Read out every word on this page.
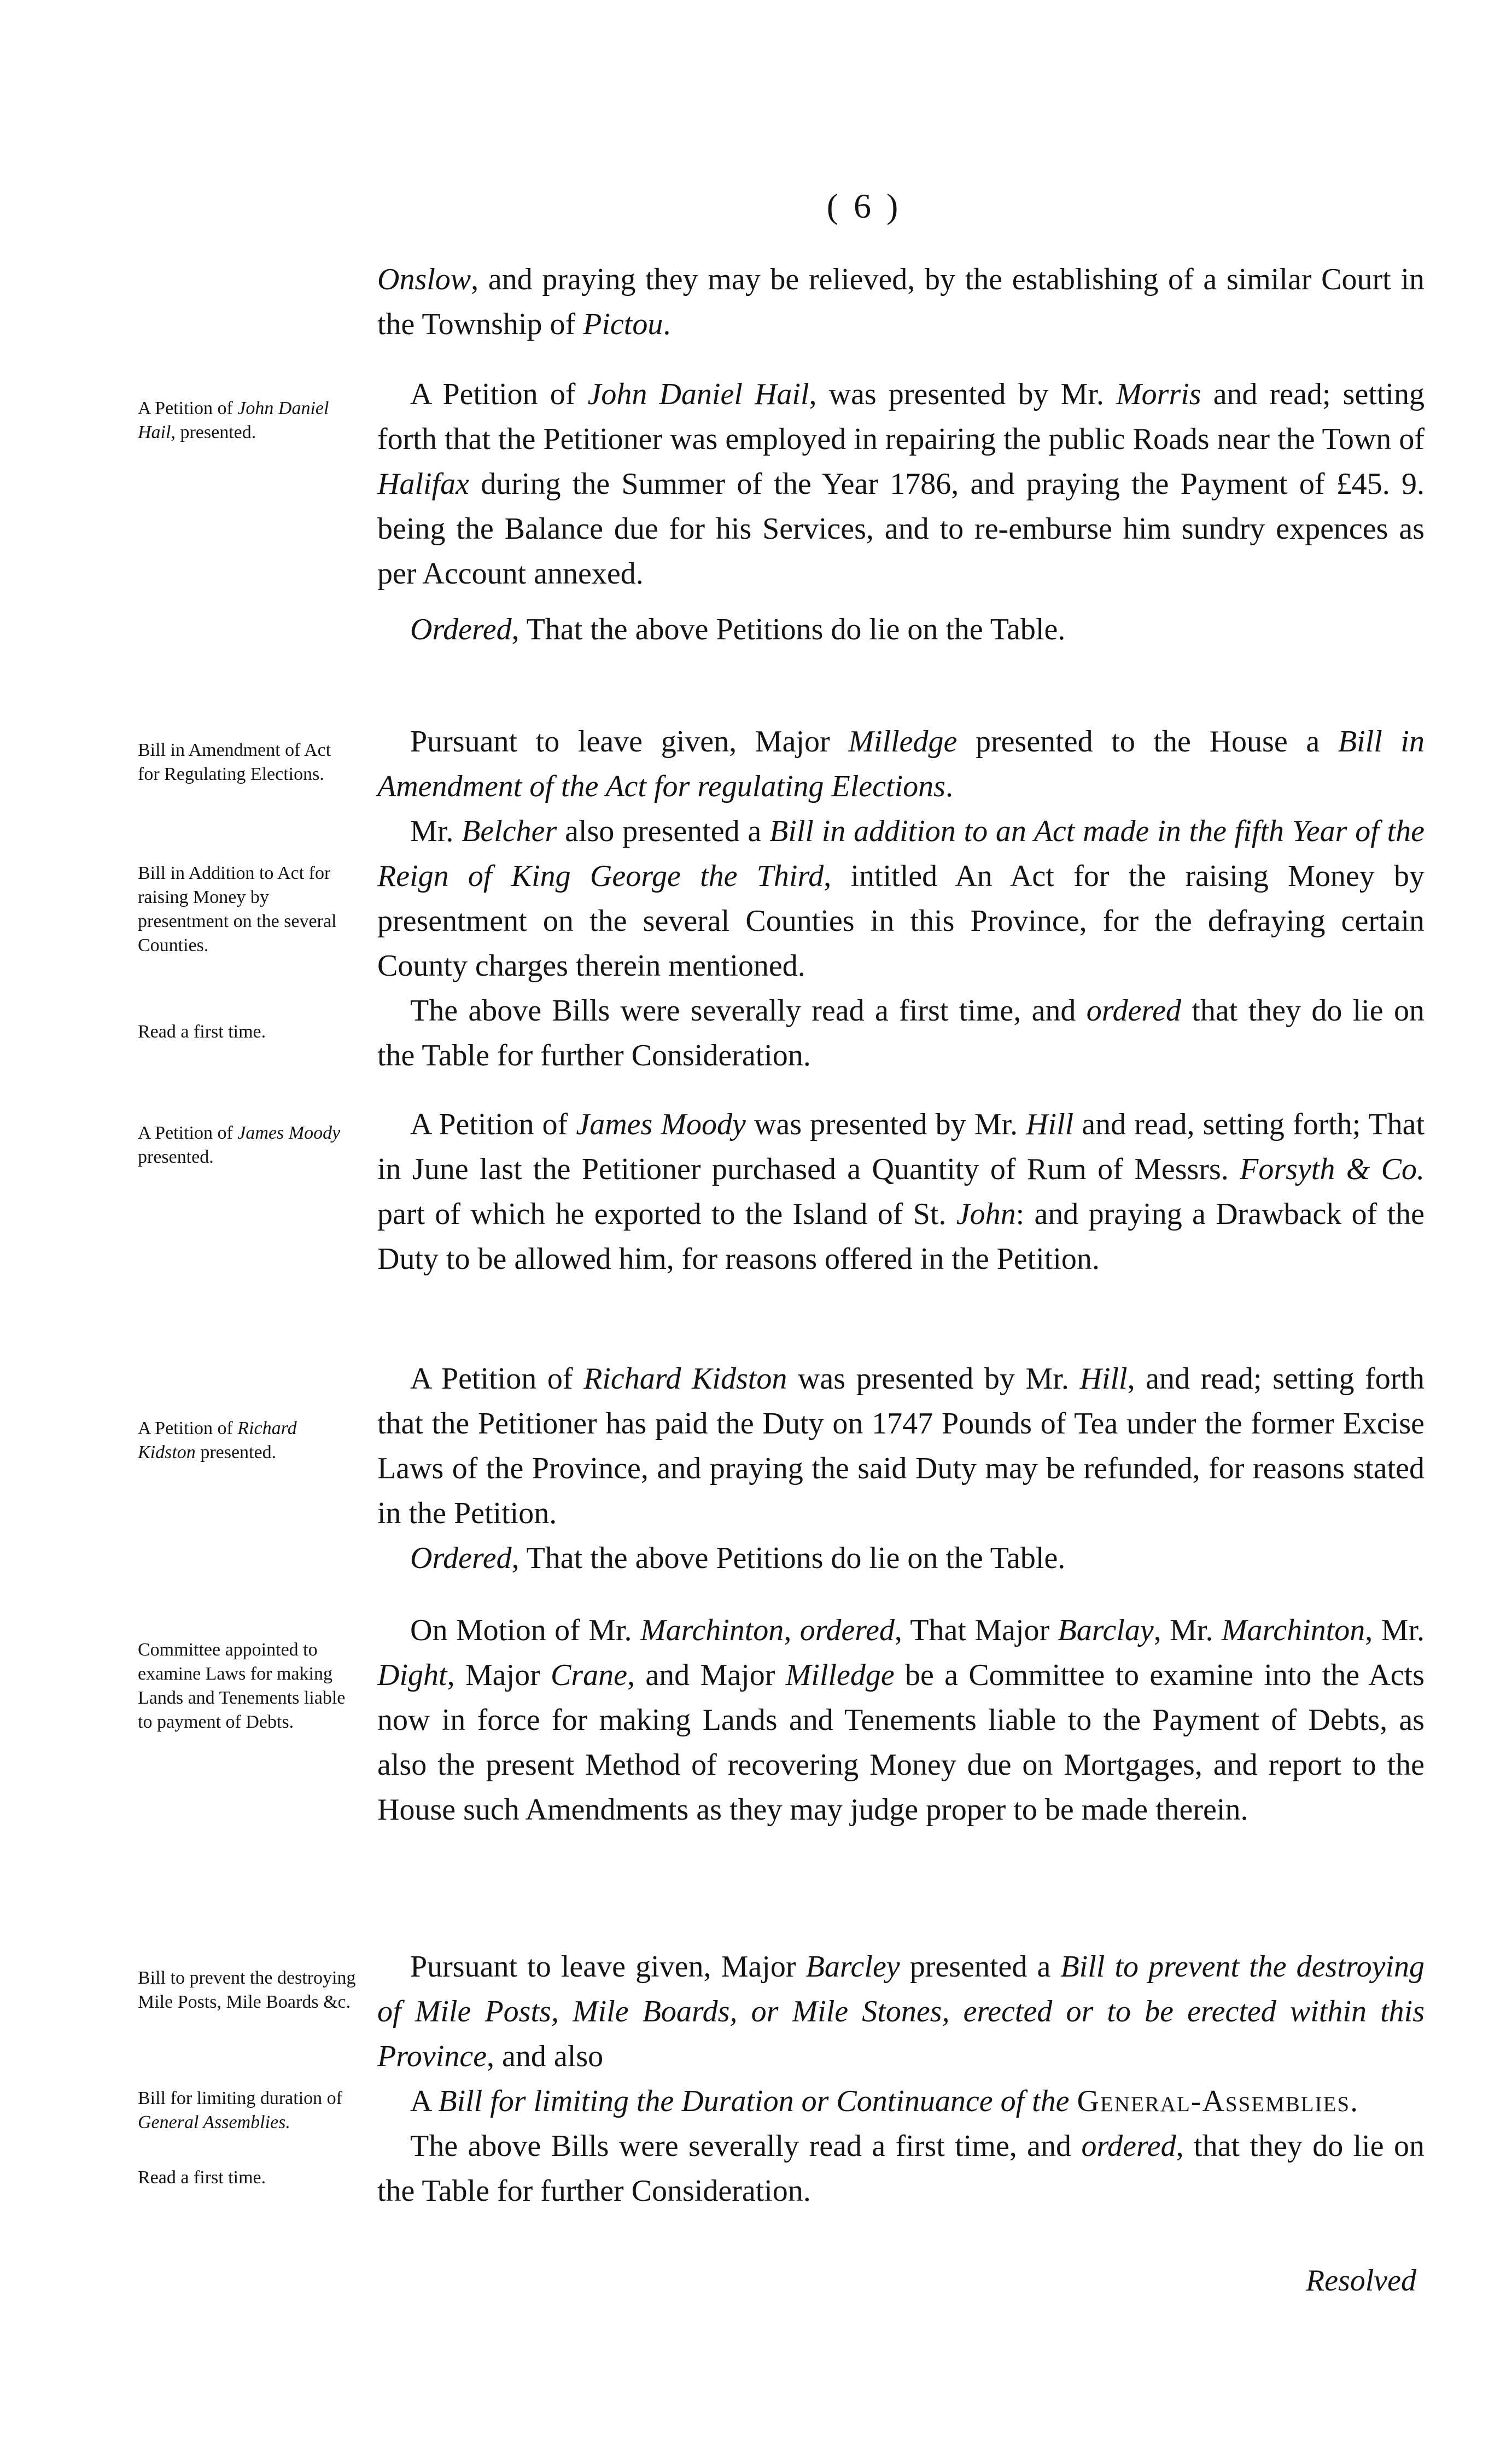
( 6 )

Onslow, and praying they may be relieved, by the establishing of a similar Court in the Township of Pictou.

A Petition of John Daniel Hail, presented.

A Petition of John Daniel Hail, was presented by Mr. Morris and read; setting forth that the Petitioner was employed in repairing the public Roads near the Town of Halifax during the Summer of the Year 1786, and praying the Payment of £45. 9. being the Balance due for his Services, and to re-emburse him sundry expences as per Account annexed.

Ordered, That the above Petitions do lie on the Table.

Bill in Amendment of Act for Regulating Elections.

Bill in Addition to Act for raising Money by presentment on the several Counties.

Read a first time.

Pursuant to leave given, Major Milledge presented to the House a Bill in Amendment of the Act for regulating Elections.

Mr. Belcher also presented a Bill in addition to an Act made in the fifth Year of the Reign of King George the Third, intitled An Act for the raising Money by presentment on the several Counties in this Province, for the defraying certain County charges therein mentioned.

The above Bills were severally read a first time, and ordered that they do lie on the Table for further Consideration.

A Petition of James Moody presented.

A Petition of James Moody was presented by Mr. Hill and read, setting forth; That in June last the Petitioner purchased a Quantity of Rum of Messrs. Forsyth & Co. part of which he exported to the Island of St. John: and praying a Drawback of the Duty to be allowed him, for reasons offered in the Petition.

A Petition of Richard Kidston presented.

A Petition of Richard Kidston was presented by Mr. Hill, and read; setting forth that the Petitioner has paid the Duty on 1747 Pounds of Tea under the former Excise Laws of the Province, and praying the said Duty may be refunded, for reasons stated in the Petition.

Ordered, That the above Petitions do lie on the Table.

Committee appointed to examine Laws for making Lands and Tenements liable to payment of Debts.

On Motion of Mr. Marchinton, ordered, That Major Barclay, Mr. Marchinton, Mr. Dight, Major Crane, and Major Milledge be a Committee to examine into the Acts now in force for making Lands and Tenements liable to the Payment of Debts, as also the present Method of recovering Money due on Mortgages, and report to the House such Amendments as they may judge proper to be made therein.

Bill to prevent the destroying Mile Posts, Mile Boards &c.

Bill for limiting duration of General Assemblies.

Read a first time.

Pursuant to leave given, Major Barcley presented a Bill to prevent the destroying of Mile Posts, Mile Boards, or Mile Stones, erected or to be erected within this Province, and also

A Bill for limiting the Duration or Continuance of the General-Assemblies.

The above Bills were severally read a first time, and ordered, that they do lie on the Table for further Consideration.

Resolved
